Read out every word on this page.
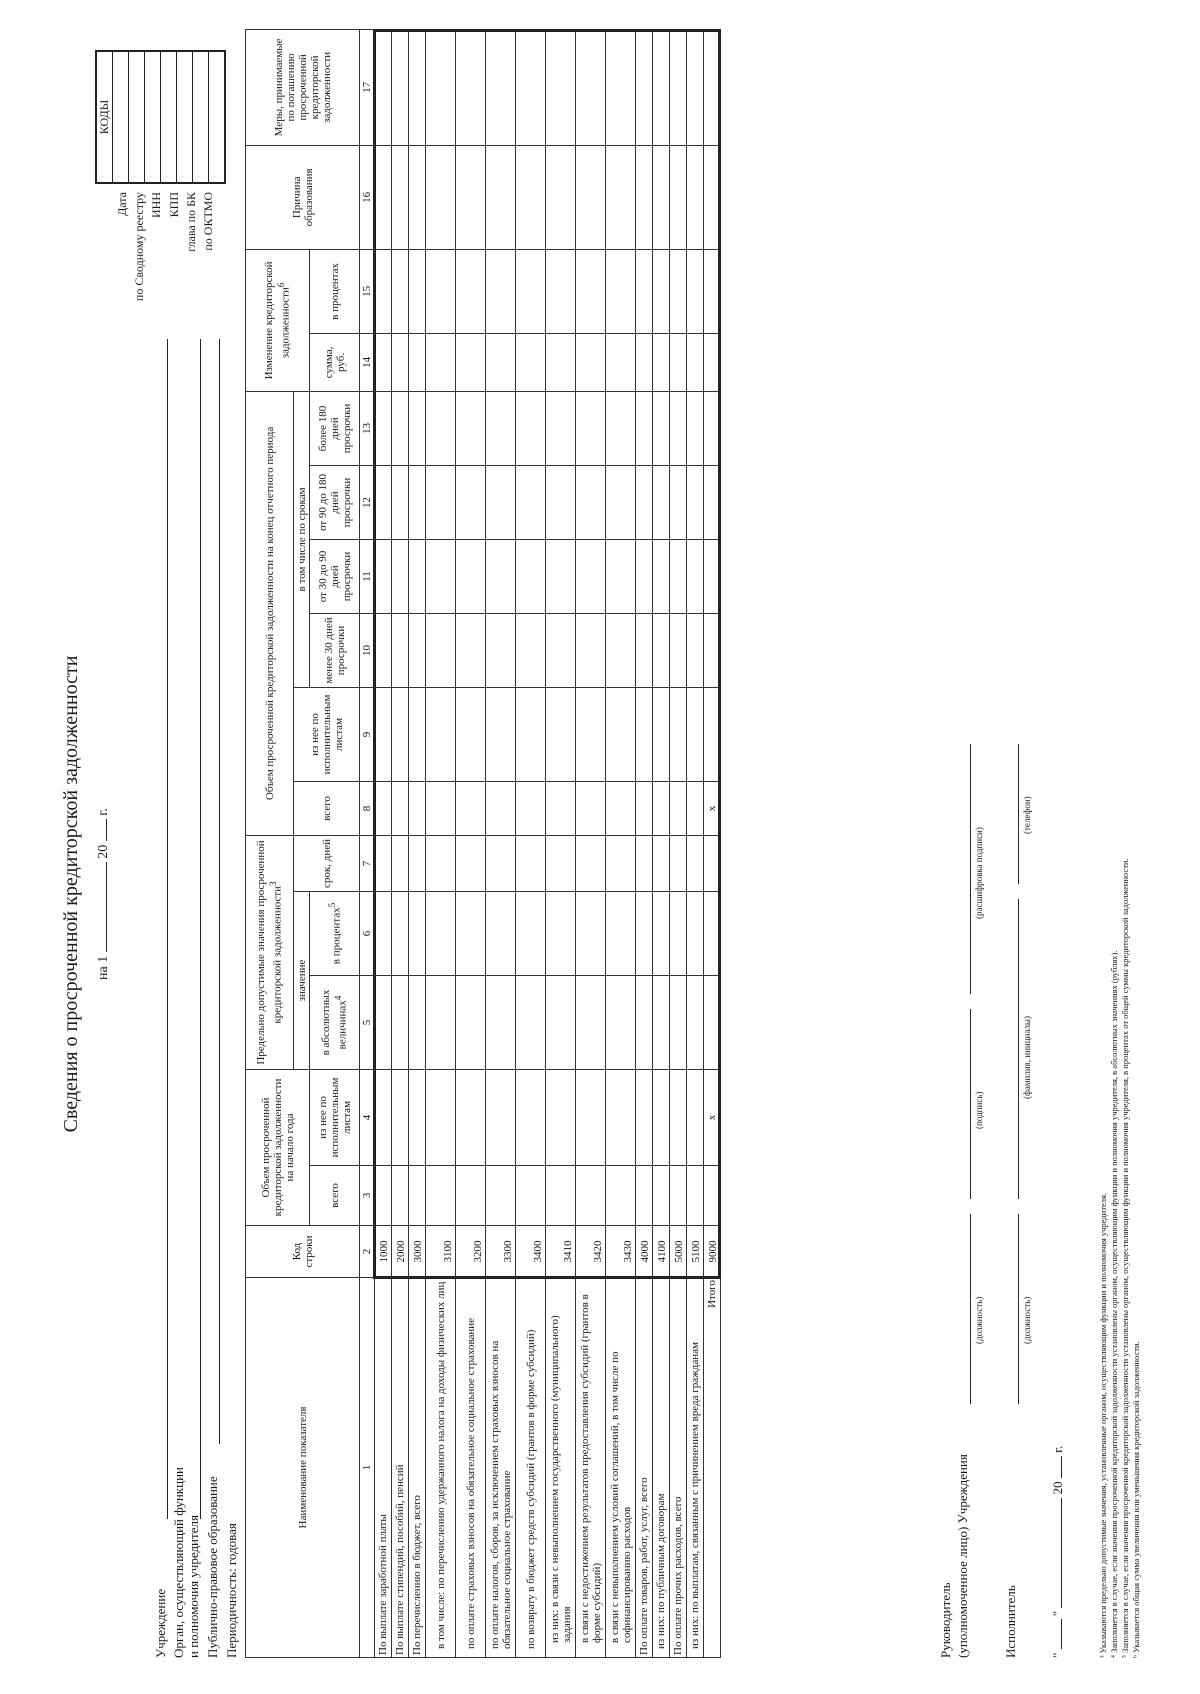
Сведения о просроченной кредиторской задолженности на 1  20  г.
Учреждение Орган, осуществляющий функции и полномочия учредителя Публично-правовое образование Периодичность: годовая
Дата по Сводному реестру ИНН КПП глава по БК по ОКТМО
КОДЫ

Наименование показателя	Код строки	Объем просроченной кредиторской задолженности на начало года		Предельно допустимые значения просроченной кредиторской задолженности$^3$			Объем просроченной кредиторской задолженности на конец отчетного периода						Изменение кредиторской задолженности$^6$		Причина образования	Меры, принимаемые по погашению просроченной кредиторской задолженности
				значение		срок, дней	всего	из нее по исполнительным листам	в том числе по срокам							
		всего	из нее по исполнительным листам	в абсолютных величинах$^4$	в процентах$^5$				менее 30 дней просрочки	от 30 до 90 дней просрочки	от 90 до 180 дней просрочки	более 180 дней просрочки	сумма, руб.	в процентах		

1	2	3	4	5	6	7	8	9	10	11	12	13	14	15	16	17
По выплате заработной платы	1000															
По выплате стипендий, пособий, пенсий	2000															
По перечислению в бюджет, всего	3000															
в том числе: по перечислению удержанного налога на доходы физических лиц	3100															
по оплате страховых взносов на обязательное социальное страхование	3200															
по оплате налогов, сборов, за исключением страховых взносов на обязательное социальное страхование	3300															
по возврату в бюджет средств субсидий (грантов в форме субсидий)	3400															
из них: в связи с невыполнением государственного (муниципального) задания	3410															
в связи с недостижением результатов предоставления субсидий (грантов в форме субсидий)	3420															
в связи с невыполнением условий соглашений, в том числе по софинансированию расходов	3430															
По оплате товаров, работ, услуг, всего	4000															
из них: по публичным договорам	4100															
По оплате прочих расходов, всего	5000															
из них: по выплатам, связанным с причинением вреда гражданам	5100															
Итого	9000		x				x									
Руководитель (уполномоченное лицо) Учреждения
(должность)
(подпись)
(расшифровка подписи)
Исполнитель
(должность)
(фамилия, инициалы)
(телефон)
"  "  20  г.	³ Указываются предельно допустимые значения, установленные органом, осуществляющим функции и полномочия учредителя. ⁴ Заполняется в случае, если значения просроченной кредиторской задолженности установлены органом, осуществляющим функции и полномочия учредителя, в абсолютных значениях (рублях). ⁵ Заполняется в случае, если значения просроченной кредиторской задолженности установлены органом, осуществляющим функции и полномочия учредителя, в процентах от общей суммы кредиторской задолженности. ⁶ Указывается общая сумма увеличения или уменьшения кредиторской задолженности.
